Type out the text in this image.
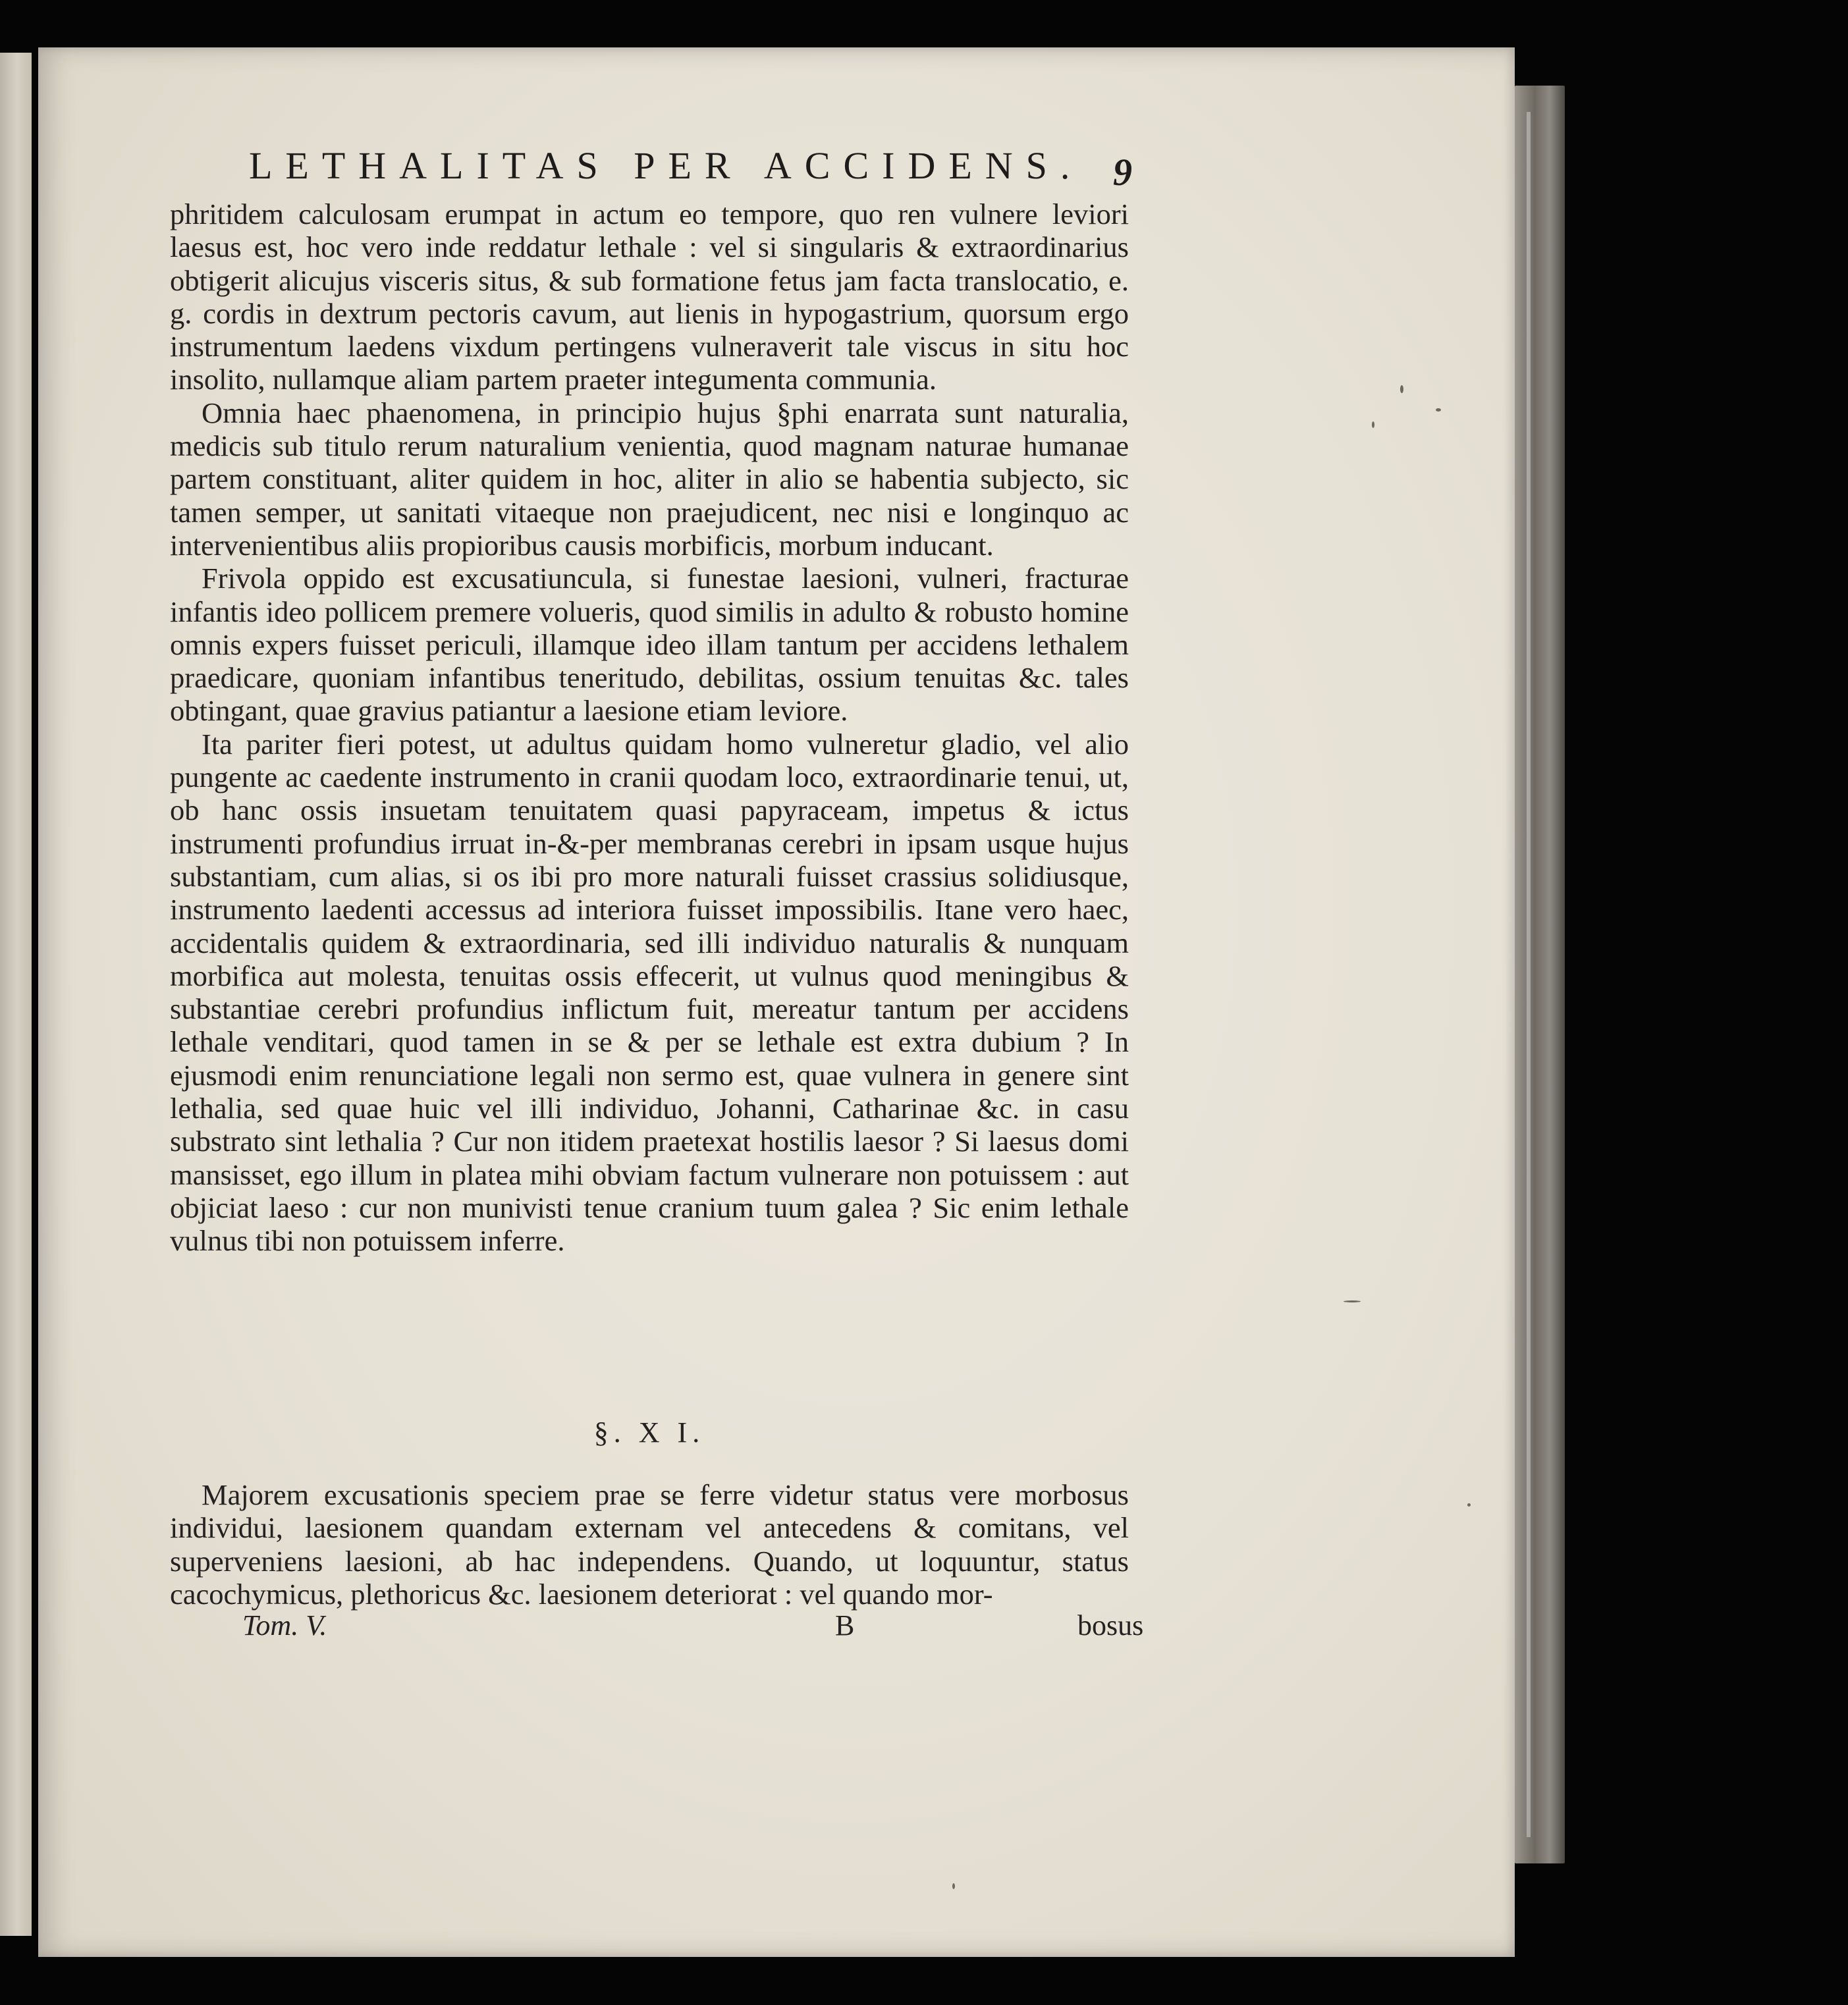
LETHALITAS PER ACCIDENS. 9

phritidem calculosam erumpat in actum eo tempore, quo ren vulnere leviori laesus est, hoc vero inde reddatur lethale : vel si singularis & extraordinarius obtigerit alicujus visceris situs, & sub formatione fetus jam facta translocatio, e. g. cordis in dextrum pectoris cavum, aut lienis in hypogastrium, quorsum ergo instrumentum laedens vixdum pertingens vulneraverit tale viscus in situ hoc insolito, nullamque aliam partem praeter integumenta communia.

Omnia haec phaenomena, in principio hujus §phi enarrata sunt naturalia, medicis sub titulo rerum naturalium venientia, quod magnam naturae humanae partem constituant, aliter quidem in hoc, aliter in alio se habentia subjecto, sic tamen semper, ut sanitati vitaeque non praejudicent, nec nisi e longinquo ac intervenientibus aliis propioribus causis morbificis, morbum inducant.

Frivola oppido est excusatiuncula, si funestae laesioni, vulneri, fracturae infantis ideo pollicem premere volueris, quod similis in adulto & robusto homine omnis expers fuisset periculi, illamque ideo illam tantum per accidens lethalem praedicare, quoniam infantibus teneritudo, debilitas, ossium tenuitas &c. tales obtingant, quae gravius patiantur a laesione etiam leviore.

Ita pariter fieri potest, ut adultus quidam homo vulneretur gladio, vel alio pungente ac caedente instrumento in cranii quodam loco, extraordinarie tenui, ut, ob hanc ossis insuetam tenuitatem quasi papyraceam, impetus & ictus instrumenti profundius irruat in-&-per membranas cerebri in ipsam usque hujus substantiam, cum alias, si os ibi pro more naturali fuisset crassius solidiusque, instrumento laedenti accessus ad interiora fuisset impossibilis. Itane vero haec, accidentalis quidem & extraordinaria, sed illi individuo naturalis & nunquam morbifica aut molesta, tenuitas ossis effecerit, ut vulnus quod meningibus & substantiae cerebri profundius inflictum fuit, mereatur tantum per accidens lethale venditari, quod tamen in se & per se lethale est extra dubium ? In ejusmodi enim renunciatione legali non sermo est, quae vulnera in genere sint lethalia, sed quae huic vel illi individuo, Johanni, Catharinae &c. in casu substrato sint lethalia ? Cur non itidem praetexat hostilis laesor ? Si laesus domi mansisset, ego illum in platea mihi obviam factum vulnerare non potuissem : aut objiciat laeso : cur non munivisti tenue cranium tuum galea ? Sic enim lethale vulnus tibi non potuissem inferre.

§. X I.

Majorem excusationis speciem prae se ferre videtur status vere morbosus individui, laesionem quandam externam vel antecedens & comitans, vel superveniens laesioni, ab hac independens. Quando, ut loquuntur, status cacochymicus, plethoricus &c. laesionem deteriorat : vel quando mor-

Tom. V.	B	bosus
